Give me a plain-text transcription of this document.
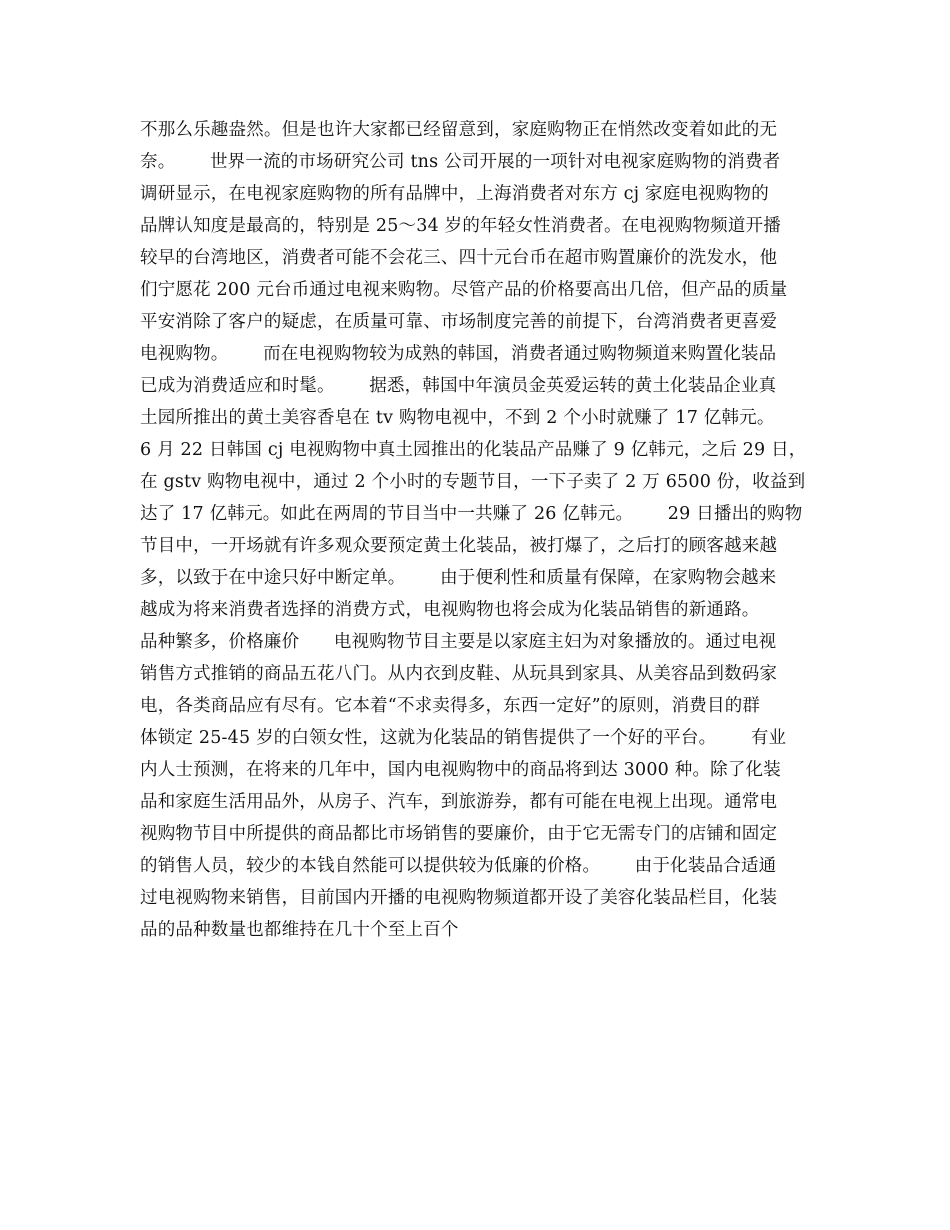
不那么乐趣盎然。但是也许大家都已经留意到，家庭购物正在悄然改变着如此的无
奈。      世界一流的市场研究公司 tns 公司开展的一项针对电视家庭购物的消费者
调研显示，在电视家庭购物的所有品牌中，上海消费者对东方 cj 家庭电视购物的
品牌认知度是最高的，特别是 25～34 岁的年轻女性消费者。在电视购物频道开播
较早的台湾地区，消费者可能不会花三、四十元台币在超市购置廉价的洗发水，他
们宁愿花 200 元台币通过电视来购物。尽管产品的价格要高出几倍，但产品的质量
平安消除了客户的疑虑，在质量可靠、市场制度完善的前提下，台湾消费者更喜爱
电视购物。      而在电视购物较为成熟的韩国，消费者通过购物频道来购置化装品
已成为消费适应和时髦。      据悉，韩国中年演员金英爱运转的黄土化装品企业真
土园所推出的黄土美容香皂在 tv 购物电视中，不到 2 个小时就赚了 17 亿韩元。
6 月 22 日韩国 cj 电视购物中真土园推出的化装品产品赚了 9 亿韩元，之后 29 日，
在 gstv 购物电视中，通过 2 个小时的专题节目，一下子卖了 2 万 6500 份，收益到
达了 17 亿韩元。如此在两周的节目当中一共赚了 26 亿韩元。      29 日播出的购物
节目中，一开场就有许多观众要预定黄土化装品，被打爆了，之后打的顾客越来越
多，以致于在中途只好中断定单。      由于便利性和质量有保障，在家购物会越来
越成为将来消费者选择的消费方式，电视购物也将会成为化装品销售的新通路。
品种繁多，价格廉价      电视购物节目主要是以家庭主妇为对象播放的。通过电视
销售方式推销的商品五花八门。从内衣到皮鞋、从玩具到家具、从美容品到数码家
电，各类商品应有尽有。它本着“不求卖得多，东西一定好”的原则，消费目的群
体锁定 25-45 岁的白领女性，这就为化装品的销售提供了一个好的平台。      有业
内人士预测，在将来的几年中，国内电视购物中的商品将到达 3000 种。除了化装
品和家庭生活用品外，从房子、汽车，到旅游券，都有可能在电视上出现。通常电
视购物节目中所提供的商品都比市场销售的要廉价，由于它无需专门的店铺和固定
的销售人员，较少的本钱自然能可以提供较为低廉的价格。      由于化装品合适通
过电视购物来销售，目前国内开播的电视购物频道都开设了美容化装品栏目，化装
品的品种数量也都维持在几十个至上百个
